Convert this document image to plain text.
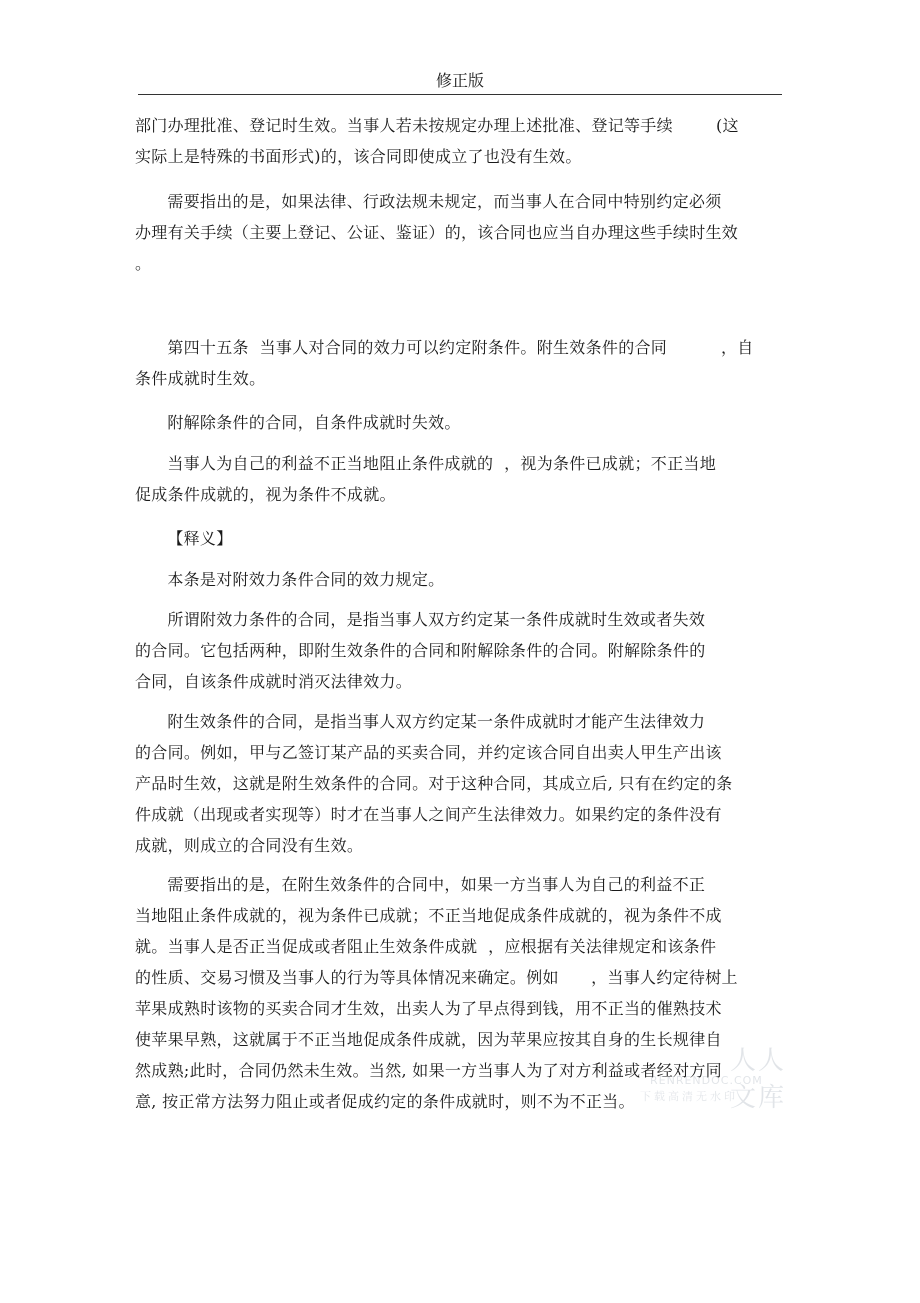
修正版

部门办理批准、登记时生效。当事人若未按规定办理上述批准、登记等手续        (这

实际上是特殊的书面形式)的，该合同即使成立了也没有生效。

需要指出的是，如果法律、行政法规未规定，而当事人在合同中特别约定必须

办理有关手续（主要上登记、公证、鉴证）的，该合同也应当自办理这些手续时生效

。

第四十五条  当事人对合同的效力可以约定附条件。附生效条件的合同          ，自

条件成就时生效。

附解除条件的合同，自条件成就时失效。

当事人为自己的利益不正当地阻止条件成就的  ，视为条件已成就；不正当地

促成条件成就的，视为条件不成就。

【释义】

本条是对附效力条件合同的效力规定。

所谓附效力条件的合同，是指当事人双方约定某一条件成就时生效或者失效

的合同。它包括两种，即附生效条件的合同和附解除条件的合同。附解除条件的

合同，自该条件成就时消灭法律效力。

附生效条件的合同，是指当事人双方约定某一条件成就时才能产生法律效力

的合同。例如，甲与乙签订某产品的买卖合同，并约定该合同自出卖人甲生产出该

产品时生效，这就是附生效条件的合同。对于这种合同，其成立后, 只有在约定的条

件成就（出现或者实现等）时才在当事人之间产生法律效力。如果约定的条件没有

成就，则成立的合同没有生效。

需要指出的是，在附生效条件的合同中，如果一方当事人为自己的利益不正

当地阻止条件成就的，视为条件已成就；不正当地促成条件成就的，视为条件不成

就。当事人是否正当促成或者阻止生效条件成就  ，应根据有关法律规定和该条件

的性质、交易习惯及当事人的行为等具体情况来确定。例如      ，当事人约定待树上

苹果成熟时该物的买卖合同才生效，出卖人为了早点得到钱，用不正当的催熟技术

使苹果早熟，这就属于不正当地促成条件成就，因为苹果应按其自身的生长规律自

然成熟;此时，合同仍然未生效。当然, 如果一方当事人为了对方利益或者经对方同

意, 按正常方法努力阻止或者促成约定的条件成就时，则不为不正当。

人人文库
RENRENDOC.COM
下载高清无水印
